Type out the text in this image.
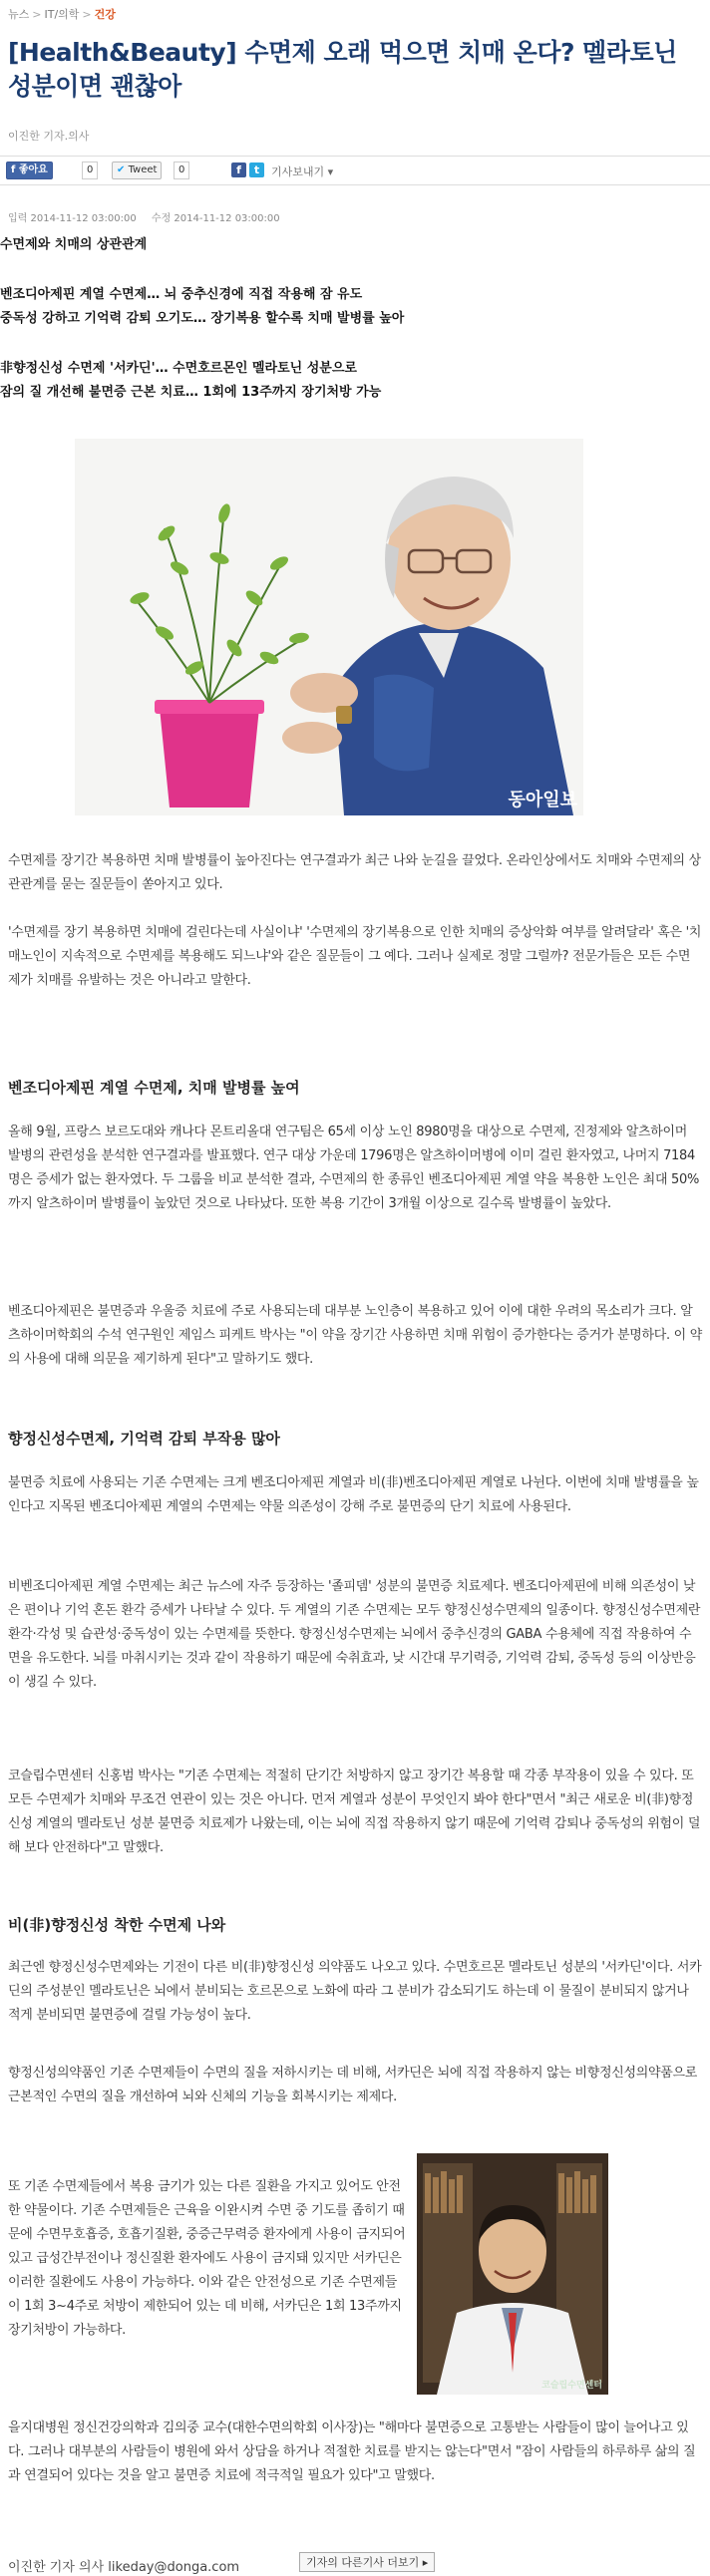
뉴스 > IT/의학 > 건강
[Health&Beauty] 수면제 오래 먹으면 치매 온다? 멜라토닌 성분이면 괜찮아
이진한 기자.의사
f 좋아요	0	✔ Tweet	0	f	t	기사보내기 ▾
입력 2014-11-12 03:00:00 수정 2014-11-12 03:00:00
수면제와 치매의 상관관계
벤조디아제핀 계열 수면제… 뇌 중추신경에 직접 작용해 잠 유도
중독성 강하고 기억력 감퇴 오기도… 장기복용 할수록 치매 발병률 높아
非향정신성 수면제 '서카딘'… 수면호르몬인 멜라토닌 성분으로
잠의 질 개선해 불면증 근본 치료… 1회에 13주까지 장기처방 가능
동아일보

수면제를 장기간 복용하면 치매 발병률이 높아진다는 연구결과가 최근 나와 눈길을 끌었다. 온라인상에서도 치매와 수면제의 상관관계를 묻는 질문들이 쏟아지고 있다.

'수면제를 장기 복용하면 치매에 걸린다는데 사실이냐' '수면제의 장기복용으로 인한 치매의 증상악화 여부를 알려달라' 혹은 '치매노인이 지속적으로 수면제를 복용해도 되느냐'와 같은 질문들이 그 예다. 그러나 실제로 정말 그럴까? 전문가들은 모든 수면제가 치매를 유발하는 것은 아니라고 말한다.

벤조디아제핀 계열 수면제, 치매 발병률 높여

올해 9월, 프랑스 보르도대와 캐나다 몬트리올대 연구팀은 65세 이상 노인 8980명을 대상으로 수면제, 진정제와 알츠하이머 발병의 관련성을 분석한 연구결과를 발표했다. 연구 대상 가운데 1796명은 알츠하이머병에 이미 걸린 환자였고, 나머지 7184명은 증세가 없는 환자였다. 두 그룹을 비교 분석한 결과, 수면제의 한 종류인 벤조디아제핀 계열 약을 복용한 노인은 최대 50%까지 알츠하이머 발병률이 높았던 것으로 나타났다. 또한 복용 기간이 3개월 이상으로 길수록 발병률이 높았다.

벤조디아제핀은 불면증과 우울증 치료에 주로 사용되는데 대부분 노인층이 복용하고 있어 이에 대한 우려의 목소리가 크다. 알츠하이머학회의 수석 연구원인 제임스 피케트 박사는 "이 약을 장기간 사용하면 치매 위험이 증가한다는 증거가 분명하다. 이 약의 사용에 대해 의문을 제기하게 된다"고 말하기도 했다.

향정신성수면제, 기억력 감퇴 부작용 많아

불면증 치료에 사용되는 기존 수면제는 크게 벤조디아제핀 계열과 비(非)벤조디아제핀 계열로 나뉜다. 이번에 치매 발병률을 높인다고 지목된 벤조디아제핀 계열의 수면제는 약물 의존성이 강해 주로 불면증의 단기 치료에 사용된다.

비벤조디아제핀 계열 수면제는 최근 뉴스에 자주 등장하는 '졸피뎀' 성분의 불면증 치료제다. 벤조디아제핀에 비해 의존성이 낮은 편이나 기억 혼돈 환각 증세가 나타날 수 있다. 두 계열의 기존 수면제는 모두 향정신성수면제의 일종이다. 향정신성수면제란 환각·각성 및 습관성·중독성이 있는 수면제를 뜻한다. 향정신성수면제는 뇌에서 중추신경의 GABA 수용체에 직접 작용하여 수면을 유도한다. 뇌를 마취시키는 것과 같이 작용하기 때문에 숙취효과, 낮 시간대 무기력증, 기억력 감퇴, 중독성 등의 이상반응이 생길 수 있다.

코슬립수면센터 신홍범 박사는 "기존 수면제는 적절히 단기간 처방하지 않고 장기간 복용할 때 각종 부작용이 있을 수 있다. 또 모든 수면제가 치매와 무조건 연관이 있는 것은 아니다. 먼저 계열과 성분이 무엇인지 봐야 한다"면서 "최근 새로운 비(非)향정신성 계열의 멜라토닌 성분 불면증 치료제가 나왔는데, 이는 뇌에 직접 작용하지 않기 때문에 기억력 감퇴나 중독성의 위험이 덜해 보다 안전하다"고 말했다.

비(非)향정신성 착한 수면제 나와

최근엔 향정신성수면제와는 기전이 다른 비(非)향정신성 의약품도 나오고 있다. 수면호르몬 멜라토닌 성분의 '서카딘'이다. 서카딘의 주성분인 멜라토닌은 뇌에서 분비되는 호르몬으로 노화에 따라 그 분비가 감소되기도 하는데 이 물질이 분비되지 않거나 적게 분비되면 불면증에 걸릴 가능성이 높다.

향정신성의약품인 기존 수면제들이 수면의 질을 저하시키는 데 비해, 서카딘은 뇌에 직접 작용하지 않는 비향정신성의약품으로 근본적인 수면의 질을 개선하여 뇌와 신체의 기능을 회복시키는 제제다.

또 기존 수면제들에서 복용 금기가 있는 다른 질환을 가지고 있어도 안전한 약물이다. 기존 수면제들은 근육을 이완시켜 수면 중 기도를 좁히기 때문에 수면무호흡증, 호흡기질환, 중증근무력증 환자에게 사용이 금지되어 있고 급성간부전이나 정신질환 환자에도 사용이 금지돼 있지만 서카딘은 이러한 질환에도 사용이 가능하다. 이와 같은 안전성으로 기존 수면제들이 1회 3~4주로 처방이 제한되어 있는 데 비해, 서카딘은 1회 13주까지 장기처방이 가능하다.

코슬립수면센터

을지대병원 정신건강의학과 김의중 교수(대한수면의학회 이사장)는 "해마다 불면증으로 고통받는 사람들이 많이 늘어나고 있다. 그러나 대부분의 사람들이 병원에 와서 상담을 하거나 적절한 치료를 받지는 않는다"면서 "잠이 사람들의 하루하루 삶의 질과 연결되어 있다는 것을 알고 불면증 치료에 적극적일 필요가 있다"고 말했다.

이진한 기자 의사 likeday@donga.com	기자의 다른기사 더보기 ▸
